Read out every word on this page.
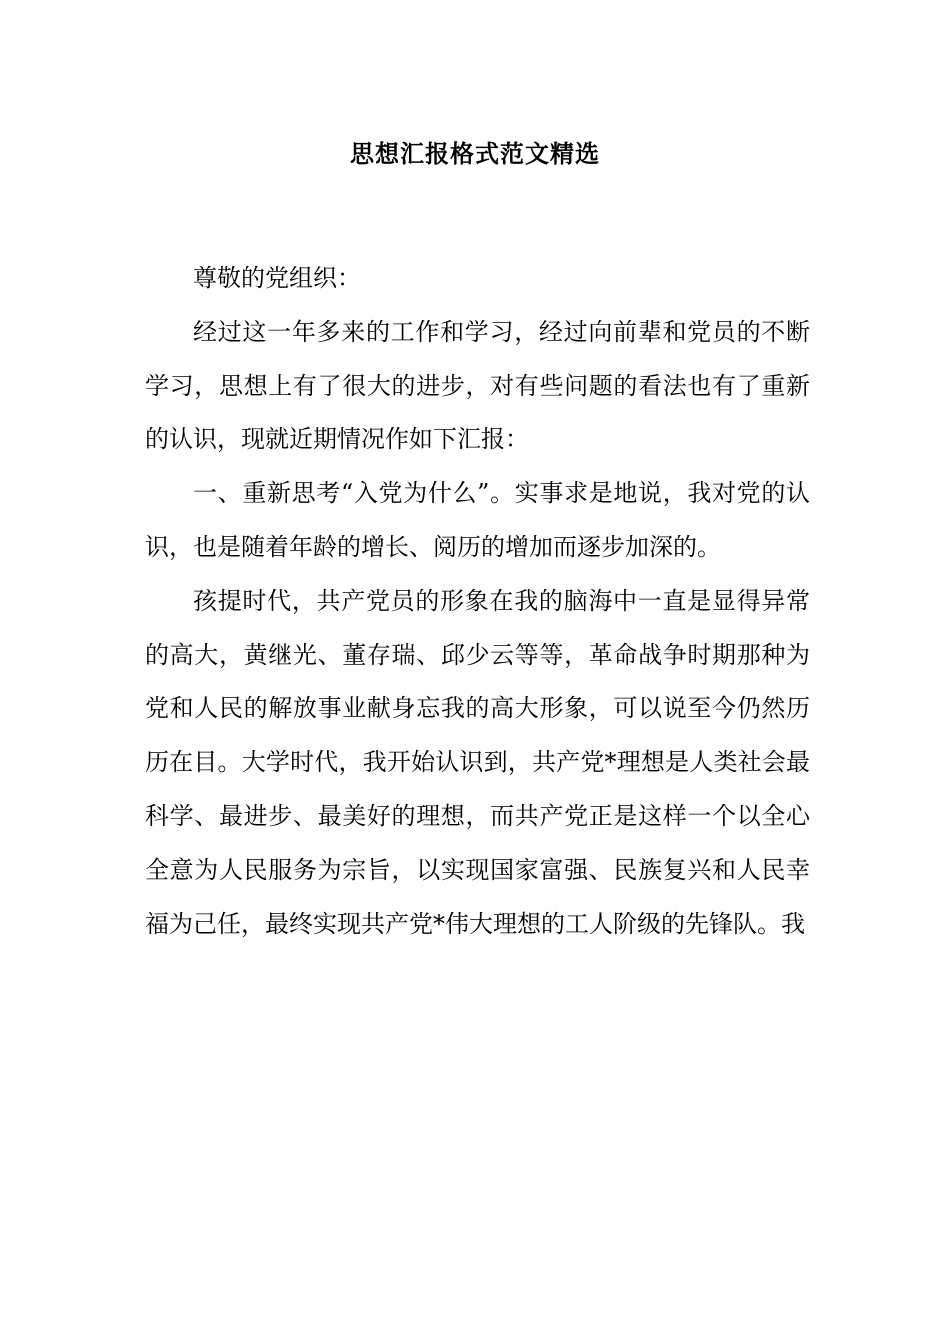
思想汇报格式范文精选

尊敬的党组织：

经过这一年多来的工作和学习，经过向前辈和党员的不断学习，思想上有了很大的进步，对有些问题的看法也有了重新的认识，现就近期情况作如下汇报：

一、重新思考“入党为什么”。实事求是地说，我对党的认识，也是随着年龄的增长、阅历的增加而逐步加深的。

孩提时代，共产党员的形象在我的脑海中一直是显得异常的高大，黄继光、董存瑞、邱少云等等，革命战争时期那种为党和人民的解放事业献身忘我的高大形象，可以说至今仍然历历在目。大学时代，我开始认识到，共产党*理想是人类社会最科学、最进步、最美好的理想，而共产党正是这样一个以全心全意为人民服务为宗旨，以实现国家富强、民族复兴和人民幸福为己任，最终实现共产党*伟大理想的工人阶级的先锋队。我
